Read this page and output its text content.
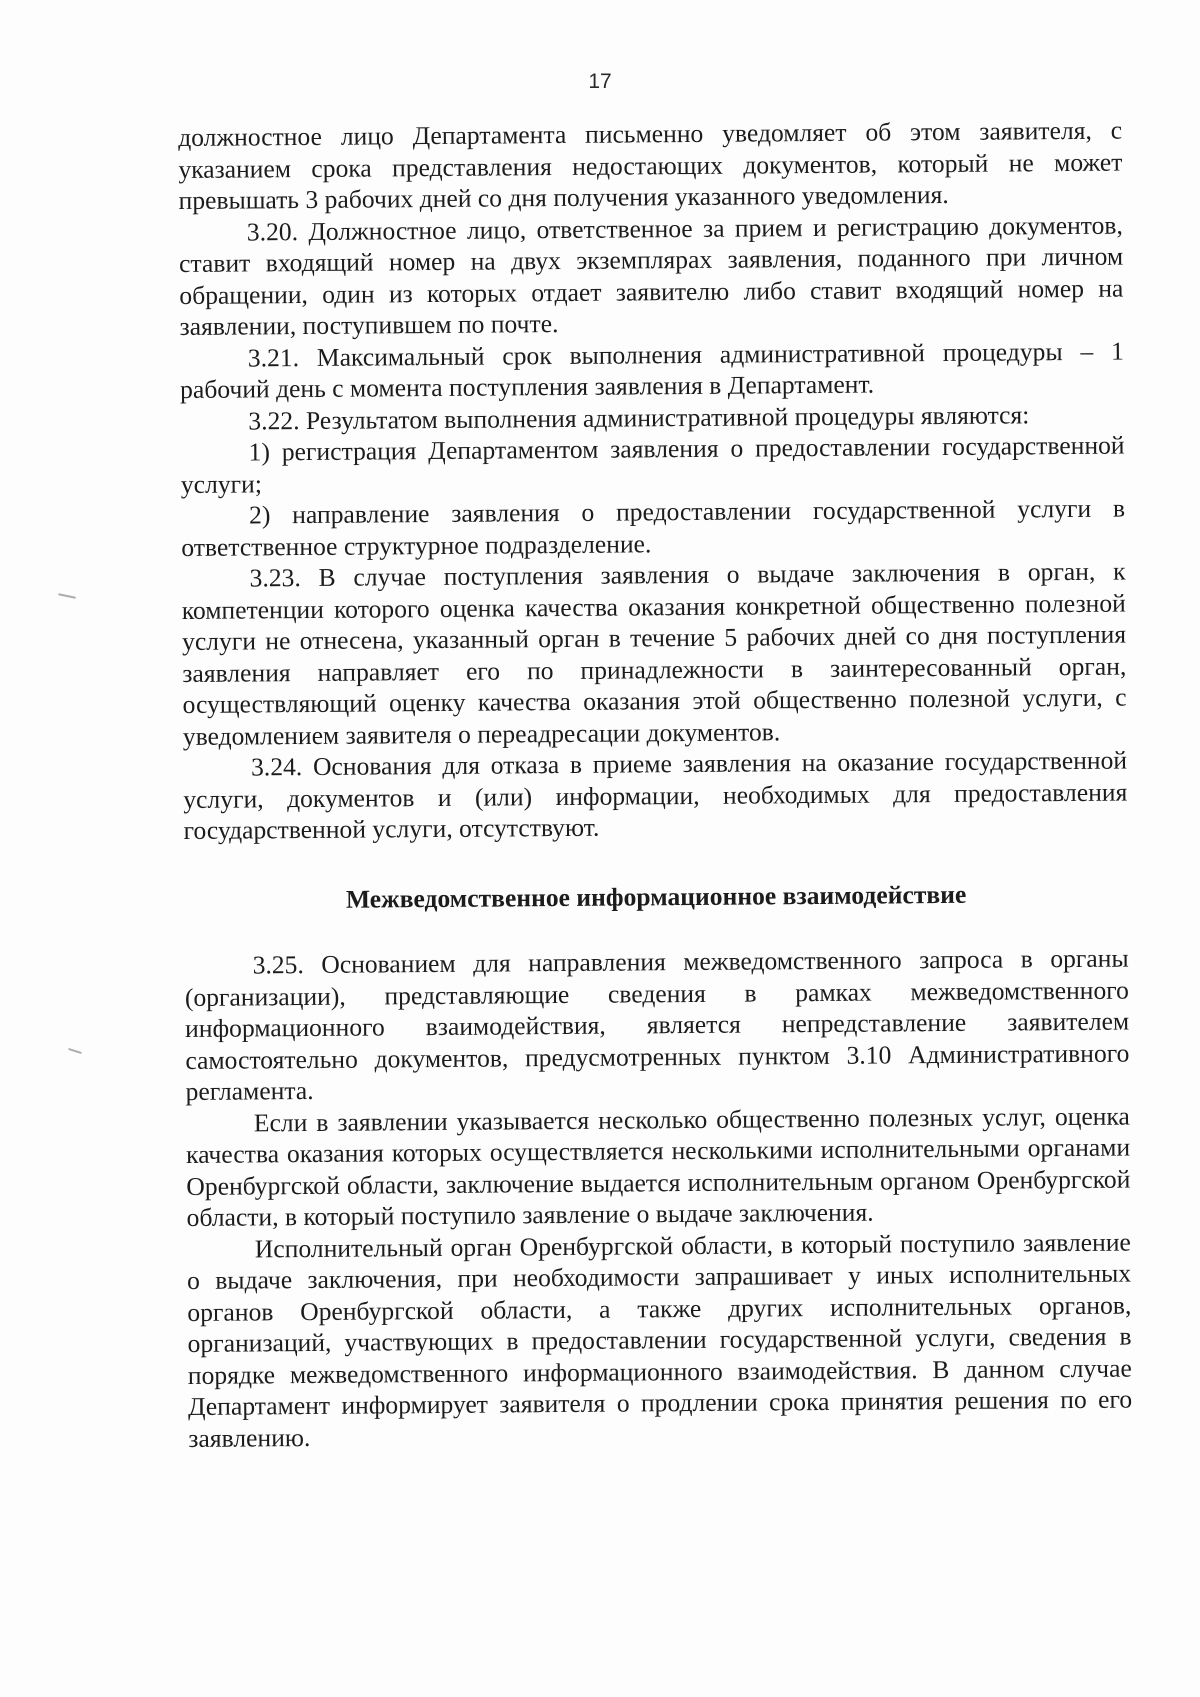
17

должностное лицо Департамента письменно уведомляет об этом заявителя, с указанием срока представления недостающих документов, который не может превышать 3 рабочих дней со дня получения указанного уведомления.

3.20. Должностное лицо, ответственное за прием и регистрацию документов, ставит входящий номер на двух экземплярах заявления, поданного при личном обращении, один из которых отдает заявителю либо ставит входящий номер на заявлении, поступившем по почте.

3.21. Максимальный срок выполнения административной процедуры – 1 рабочий день с момента поступления заявления в Департамент.

3.22. Результатом выполнения административной процедуры являются:

1) регистрация Департаментом заявления о предоставлении государственной услуги;

2) направление заявления о предоставлении государственной услуги в ответственное структурное подразделение.

3.23. В случае поступления заявления о выдаче заключения в орган, к компетенции которого оценка качества оказания конкретной общественно полезной услуги не отнесена, указанный орган в течение 5 рабочих дней со дня поступления заявления направляет его по принадлежности в заинтересованный орган, осуществляющий оценку качества оказания этой общественно полезной услуги, с уведомлением заявителя о переадресации документов.

3.24. Основания для отказа в приеме заявления на оказание государственной услуги, документов и (или) информации, необходимых для предоставления государственной услуги, отсутствуют.

Межведомственное информационное взаимодействие

3.25. Основанием для направления межведомственного запроса в органы (организации), представляющие сведения в рамках межведомственного информационного взаимодействия, является непредставление заявителем самостоятельно документов, предусмотренных пунктом 3.10 Административного регламента.

Если в заявлении указывается несколько общественно полезных услуг, оценка качества оказания которых осуществляется несколькими исполнительными органами Оренбургской области, заключение выдается исполнительным органом Оренбургской области, в который поступило заявление о выдаче заключения.

Исполнительный орган Оренбургской области, в который поступило заявление о выдаче заключения, при необходимости запрашивает у иных исполнительных органов Оренбургской области, а также других исполнительных органов, организаций, участвующих в предоставлении государственной услуги, сведения в порядке межведомственного информационного взаимодействия. В данном случае Департамент информирует заявителя о продлении срока принятия решения по его заявлению.
